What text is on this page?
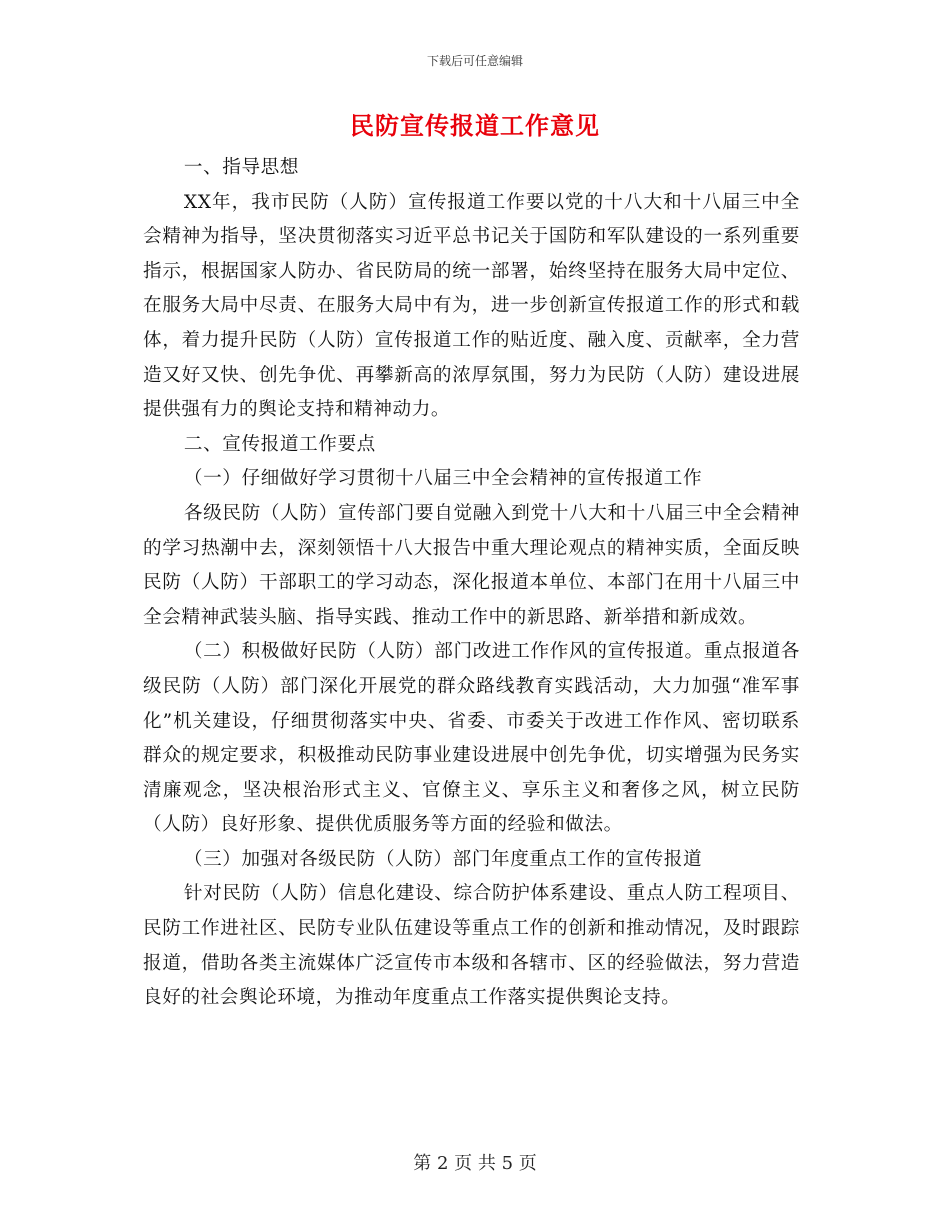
下载后可任意编辑
民防宣传报道工作意见

一、指导思想

XX年，我市民防（人防）宣传报道工作要以党的十八大和十八届三中全会精神为指导，坚决贯彻落实习近平总书记关于国防和军队建设的一系列重要指示，根据国家人防办、省民防局的统一部署，始终坚持在服务大局中定位、在服务大局中尽责、在服务大局中有为，进一步创新宣传报道工作的形式和载体，着力提升民防（人防）宣传报道工作的贴近度、融入度、贡献率，全力营造又好又快、创先争优、再攀新高的浓厚氛围，努力为民防（人防）建设进展提供强有力的舆论支持和精神动力。

二、宣传报道工作要点

（一）仔细做好学习贯彻十八届三中全会精神的宣传报道工作

各级民防（人防）宣传部门要自觉融入到党十八大和十八届三中全会精神的学习热潮中去，深刻领悟十八大报告中重大理论观点的精神实质，全面反映民防（人防）干部职工的学习动态，深化报道本单位、本部门在用十八届三中全会精神武装头脑、指导实践、推动工作中的新思路、新举措和新成效。

（二）积极做好民防（人防）部门改进工作作风的宣传报道。重点报道各级民防（人防）部门深化开展党的群众路线教育实践活动，大力加强“准军事化”机关建设，仔细贯彻落实中央、省委、市委关于改进工作作风、密切联系群众的规定要求，积极推动民防事业建设进展中创先争优，切实增强为民务实清廉观念，坚决根治形式主义、官僚主义、享乐主义和奢侈之风，树立民防（人防）良好形象、提供优质服务等方面的经验和做法。

（三）加强对各级民防（人防）部门年度重点工作的宣传报道

针对民防（人防）信息化建设、综合防护体系建设、重点人防工程项目、民防工作进社区、民防专业队伍建设等重点工作的创新和推动情况，及时跟踪报道，借助各类主流媒体广泛宣传市本级和各辖市、区的经验做法，努力营造良好的社会舆论环境，为推动年度重点工作落实提供舆论支持。

第 2 页 共 5 页
